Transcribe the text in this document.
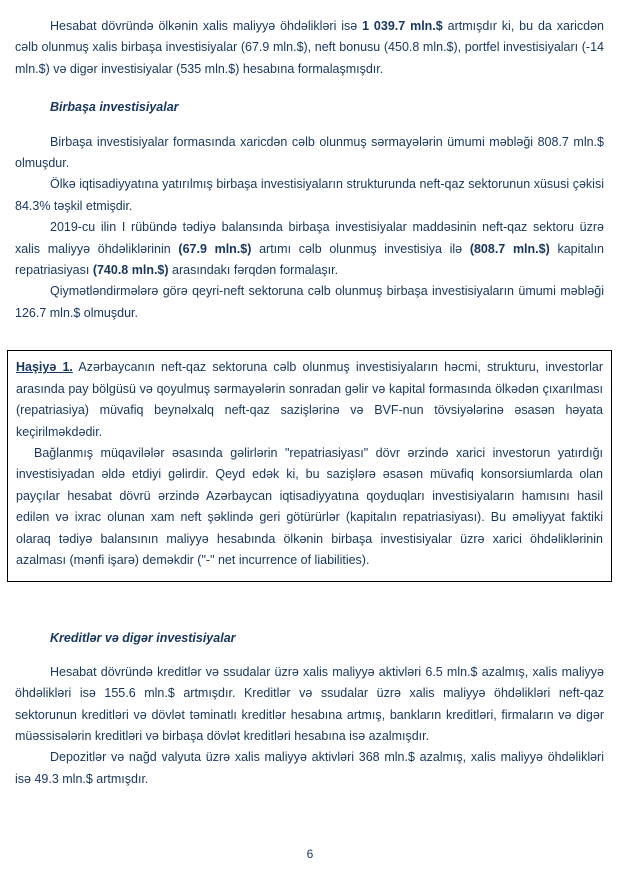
Hesabat dövründə ölkənin xalis maliyyə öhdəlikləri isə 1 039.7 mln.$ artmışdır ki, bu da xaricdən cəlb olunmuş xalis birbaşa investisiyalar (67.9 mln.$), neft bonusu (450.8 mln.$), portfel investisiyaları (-14 mln.$) və digər investisiyalar (535 mln.$) hesabına formalaşmışdır.

Birbaşa investisiyalar

Birbaşa investisiyalar formasında xaricdən cəlb olunmuş sərmayələrin ümumi məbləği 808.7 mln.$ olmuşdur.

Ölkə iqtisadiyyatına yatırılmış birbaşa investisiyaların strukturunda neft-qaz sektorunun xüsusi çəkisi 84.3% təşkil etmişdir.

2019-cu ilin I rübündə tədiyə balansında birbaşa investisiyalar maddəsinin neft-qaz sektoru üzrə xalis maliyyə öhdəliklərinin (67.9 mln.$) artımı cəlb olunmuş investisiya ilə (808.7 mln.$) kapitalın repatriasiyası (740.8 mln.$) arasındakı fərqdən formalaşır.

Qiymətləndirmələrə görə qeyri-neft sektoruna cəlb olunmuş birbaşa investisiyaların ümumi məbləği 126.7 mln.$ olmuşdur.

Haşiyə 1. Azərbaycanın neft-qaz sektoruna cəlb olunmuş investisiyaların həcmi, strukturu, investorlar arasında pay bölgüsü və qoyulmuş sərmayələrin sonradan gəlir və kapital formasında ölkədən çıxarılması (repatriasiya) müvafiq beynəlxalq neft-qaz sazişlərinə və BVF-nun tövsiyələrinə əsasən həyata keçirilməkdədir.

Bağlanmış müqavilələr əsasında gəlirlərin "repatriasiyası" dövr ərzində xarici investorun yatırdığı investisiyadan əldə etdiyi gəlirdir. Qeyd edək ki, bu sazişlərə əsasən müvafiq konsorsiumlarda olan payçılar hesabat dövrü ərzində Azərbaycan iqtisadiyyatına qoyduqları investisiyaların hamısını hasil edilən və ixrac olunan xam neft şəklində geri götürürlər (kapitalın repatriasiyası). Bu əməliyyat faktiki olaraq tədiyə balansının maliyyə hesabında ölkənin birbaşa investisiyalar üzrə xarici öhdəliklərinin azalması (mənfi işarə) deməkdir ("-" net incurrence of liabilities).

Kreditlər və digər investisiyalar

Hesabat dövründə kreditlər və ssudalar üzrə xalis maliyyə aktivləri 6.5 mln.$ azalmış, xalis maliyyə öhdəlikləri isə 155.6 mln.$ artmışdır. Kreditlər və ssudalar üzrə xalis maliyyə öhdəlikləri neft-qaz sektorunun kreditləri və dövlət təminatlı kreditlər hesabına artmış, bankların kreditləri, firmaların və digər müəssisələrin kreditləri və birbaşa dövlət kreditləri hesabına isə azalmışdır.

Depozitlər və nağd valyuta üzrə xalis maliyyə aktivləri 368 mln.$ azalmış, xalis maliyyə öhdəlikləri isə 49.3 mln.$ artmışdır.

6
